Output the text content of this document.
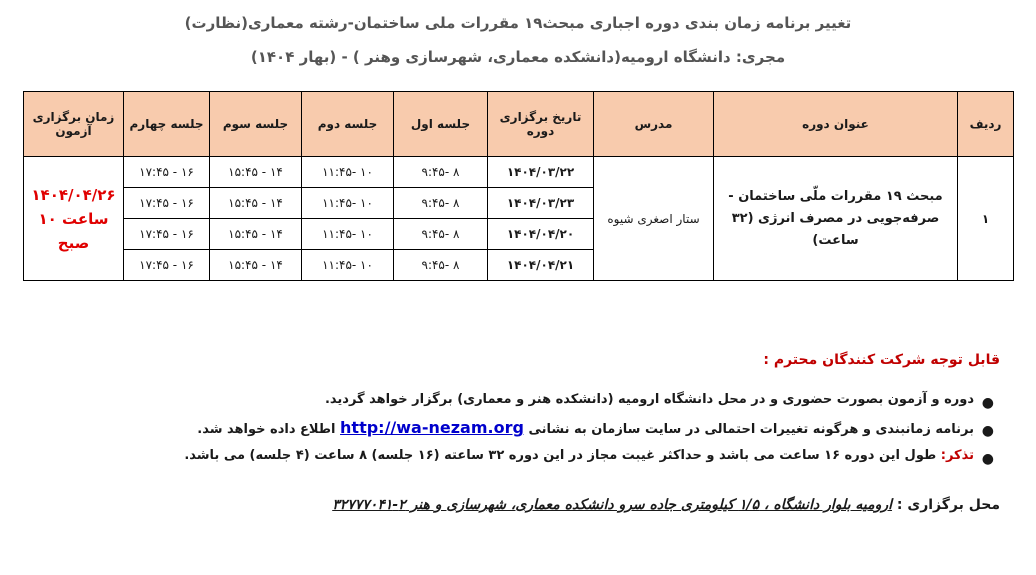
تغییر برنامه زمان بندی دوره اجباری مبحث۱۹ مقررات ملی ساختمان-رشته معماری(نظارت)
مجری: دانشگاه ارومیه(دانشکده معماری، شهرسازی وهنر ) - (بهار ۱۴۰۴)
ردیف	عنوان دوره	مدرس	تاریخ برگزاری دوره	جلسه اول	جلسه دوم	جلسه سوم	جلسه چهارم	زمان برگزاری آزمون
۱	مبحث ۱۹ مقررات ملّی ساختمان - صرفه‌جویی در مصرف انرژی (۳۲ ساعت)	ستار اصغری شیوه	۱۴۰۴/۰۳/۲۲	۸ -۹:۴۵	۱۰ -۱۱:۴۵	۱۴ - ۱۵:۴۵	۱۶ - ۱۷:۴۵	۱۴۰۴/۰۴/۲۶
ساعت ۱۰ صبح

			۱۴۰۴/۰۳/۲۳	۸ -۹:۴۵	۱۰ -۱۱:۴۵	۱۴ - ۱۵:۴۵	۱۶ - ۱۷:۴۵	
			۱۴۰۴/۰۴/۲۰	۸ -۹:۴۵	۱۰ -۱۱:۴۵	۱۴ - ۱۵:۴۵	۱۶ - ۱۷:۴۵	
			۱۴۰۴/۰۴/۲۱	۸ -۹:۴۵	۱۰ -۱۱:۴۵	۱۴ - ۱۵:۴۵	۱۶ - ۱۷:۴۵	
قابل توجه شرکت کنندگان محترم :
●
دوره و آزمون بصورت حضوری و در محل دانشگاه ارومیه (دانشکده هنر و معماری) برگزار خواهد گردید.
●
برنامه زمانبندی و هرگونه تغییرات احتمالی در سایت سازمان به نشانی http://wa-nezam.org اطلاع داده خواهد شد.
●
تذکر: طول این دوره ۱۶ ساعت می باشد و حداکثر غیبت مجاز در این دوره ۳۲ ساعته (۱۶ جلسه) ۸ ساعت (۴ جلسه) می باشد.
محل برگزاری : ارومیه بلوار دانشگاه ، ۱/۵ کیلومتری جاده سرو دانشکده معماری، شهرسازی و هنر ۲-۳۲۷۷۷۰۴۱
